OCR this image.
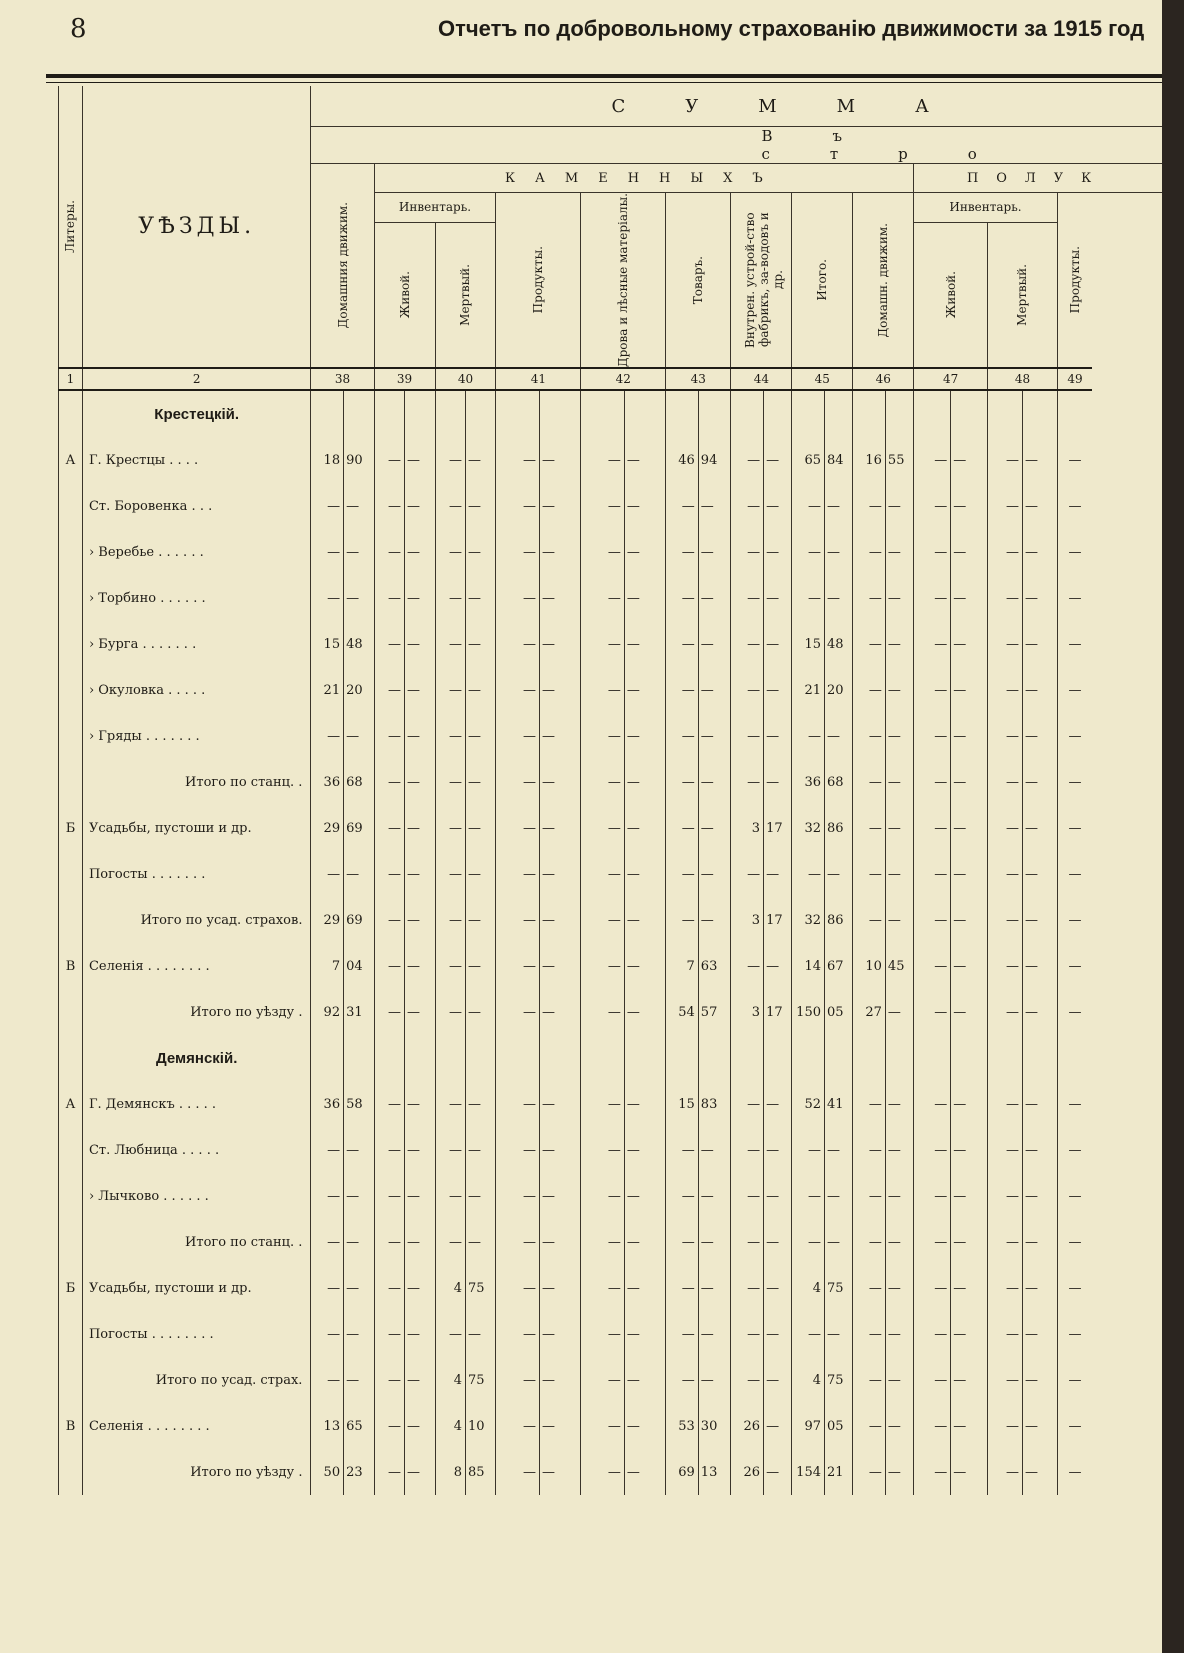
8	Отчетъ по добровольному страхованію движимости за 1915 год
Литеры.	УѢЗДЫ.	СУММА																						
		Въ стро																						

		Домашния движим.		КАМЕННЫХЪ																ПОЛУК				
				Инвентарь.				Продукты.		Дрова и лѣсные матеріалы.		Товаръ.		Внутрен. устрой-ство фабрикъ, за-водовъ и др.		Итого.		Домашн. движим.		Инвентарь.				Продукты.

				Живой.		Мертвый.														Живой.		Мертвый.		

1	2	38		39		40		41		42		43		44		45		46		47		48		49
	Крестецкій.																							
А	Г. Крестцы . . . .	18	90	—	—	—	—	—	—	—	—	46	94	—	—	65	84	16	55	—	—	—	—	—
	Ст. Боровенка . . .	—	—	—	—	—	—	—	—	—	—	—	—	—	—	—	—	—	—	—	—	—	—	—
	› Веребье . . . . . .	—	—	—	—	—	—	—	—	—	—	—	—	—	—	—	—	—	—	—	—	—	—	—
	› Торбино . . . . . .	—	—	—	—	—	—	—	—	—	—	—	—	—	—	—	—	—	—	—	—	—	—	—
	› Бурга . . . . . . .	15	48	—	—	—	—	—	—	—	—	—	—	—	—	15	48	—	—	—	—	—	—	—
	› Окуловка . . . . .	21	20	—	—	—	—	—	—	—	—	—	—	—	—	21	20	—	—	—	—	—	—	—
	› Гряды . . . . . . .	—	—	—	—	—	—	—	—	—	—	—	—	—	—	—	—	—	—	—	—	—	—	—
	Итого по станц. .	36	68	—	—	—	—	—	—	—	—	—	—	—	—	36	68	—	—	—	—	—	—	—
Б	Усадьбы, пустоши и др.	29	69	—	—	—	—	—	—	—	—	—	—	3	17	32	86	—	—	—	—	—	—	—
	Погосты . . . . . . .	—	—	—	—	—	—	—	—	—	—	—	—	—	—	—	—	—	—	—	—	—	—	—
	Итого по усад. страхов.	29	69	—	—	—	—	—	—	—	—	—	—	3	17	32	86	—	—	—	—	—	—	—
В	Селенія . . . . . . . .	7	04	—	—	—	—	—	—	—	—	7	63	—	—	14	67	10	45	—	—	—	—	—
	Итого по уѣзду .	92	31	—	—	—	—	—	—	—	—	54	57	3	17	150	05	27	—	—	—	—	—	—
	Демянскій.																							
А	Г. Демянскъ . . . . .	36	58	—	—	—	—	—	—	—	—	15	83	—	—	52	41	—	—	—	—	—	—	—
	Ст. Любница . . . . .	—	—	—	—	—	—	—	—	—	—	—	—	—	—	—	—	—	—	—	—	—	—	—
	› Лычково . . . . . .	—	—	—	—	—	—	—	—	—	—	—	—	—	—	—	—	—	—	—	—	—	—	—
	Итого по станц. .	—	—	—	—	—	—	—	—	—	—	—	—	—	—	—	—	—	—	—	—	—	—	—
Б	Усадьбы, пустоши и др.	—	—	—	—	4	75	—	—	—	—	—	—	—	—	4	75	—	—	—	—	—	—	—
	Погосты . . . . . . . .	—	—	—	—	—	—	—	—	—	—	—	—	—	—	—	—	—	—	—	—	—	—	—
	Итого по усад. страх.	—	—	—	—	4	75	—	—	—	—	—	—	—	—	4	75	—	—	—	—	—	—	—
В	Селенія . . . . . . . .	13	65	—	—	4	10	—	—	—	—	53	30	26	—	97	05	—	—	—	—	—	—	—
	Итого по уѣзду .	50	23	—	—	8	85	—	—	—	—	69	13	26	—	154	21	—	—	—	—	—	—	—
